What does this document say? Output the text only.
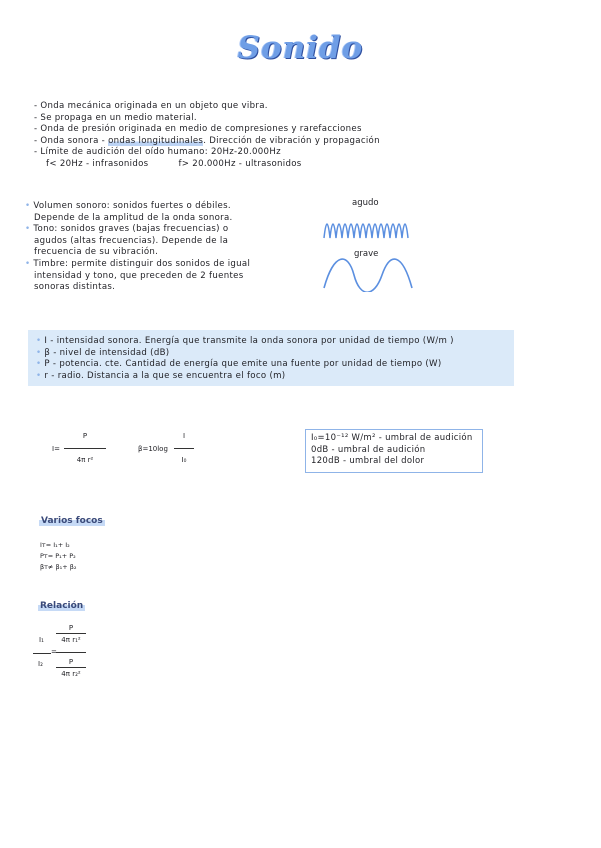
Sonido
- Onda mecánica originada en un objeto que vibra.
- Se propaga en un medio material.
- Onda de presión originada en medio de compresiones y rarefacciones
- Onda sonora - ondas longitudinales. Dirección de vibración y propagación
- Límite de audición del oído humano: 20Hz-20.000Hz
f< 20Hz - infrasonidos	f> 20.000Hz - ultrasonidos
• Volumen sonoro: sonidos fuertes o débiles.
Depende de la amplitud de la onda sonora.
• Tono: sonidos graves (bajas frecuencias) o
agudos (altas frecuencias). Depende de la
frecuencia de su vibración.
• Timbre: permite distinguir dos sonidos de igual
intensidad y tono, que preceden de 2 fuentes
sonoras distintas.
agudo
grave
• I - intensidad sonora. Energía que transmite la onda sonora por unidad de tiempo (W/m )
• β - nivel de intensidad (dB)
• P - potencia. cte. Cantidad de energía que emite una fuente por unidad de tiempo (W)
• r - radio. Distancia a la que se encuentra el foco (m)
I=
P
4π r²
β=10log
I
I₀
I₀=10⁻¹² W/m² - umbral de audición
0dB - umbral de audición
120dB - umbral del dolor
Varios focos
Iᴛ= I₁+ I₂
Pᴛ= P₁+ P₂
βᴛ≠ β₁+ β₂
Relación
I₁
I₂
=
P
4π r₁²
P
4π r₂²
